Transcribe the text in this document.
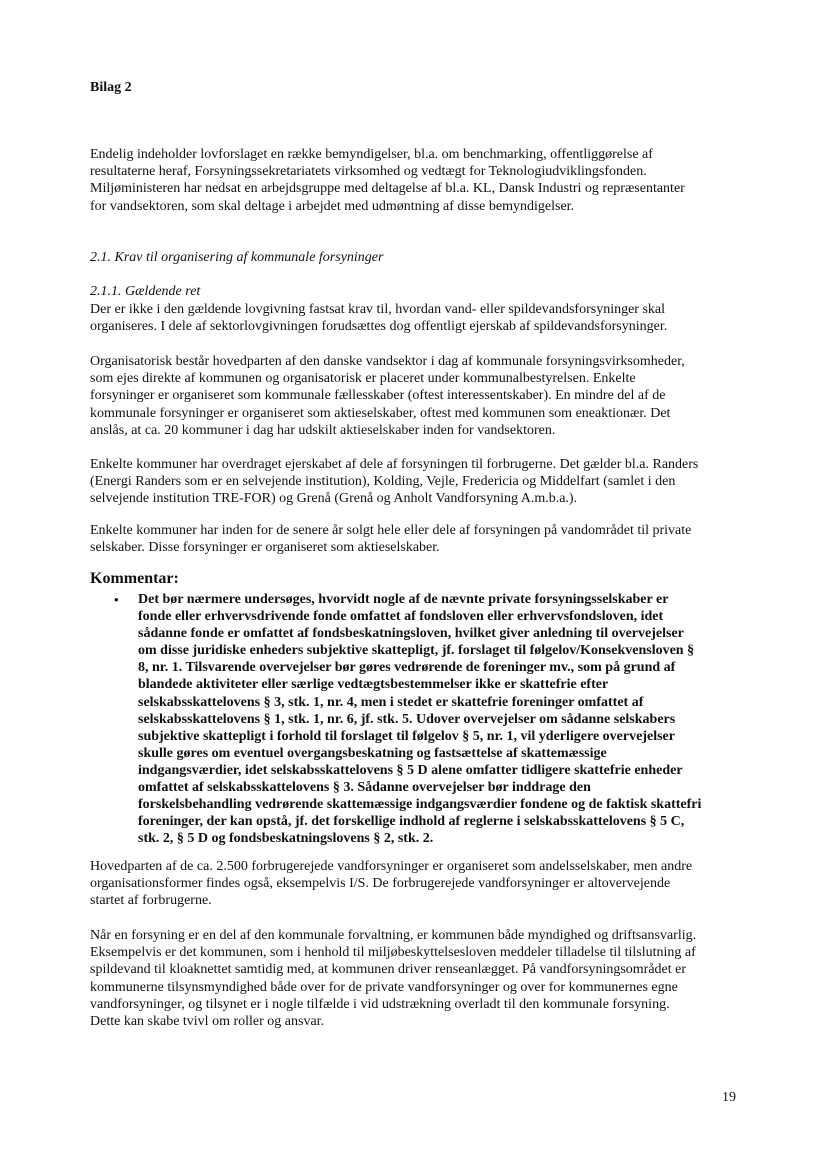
Bilag 2

Endelig indeholder lovforslaget en række bemyndigelser, bl.a. om benchmarking, offentliggørelse af
resultaterne heraf, Forsyningssekretariatets virksomhed og vedtægt for Teknologiudviklingsfonden.
Miljøministeren har nedsat en arbejdsgruppe med deltagelse af bl.a. KL, Dansk Industri og repræsentanter
for vandsektoren, som skal deltage i arbejdet med udmøntning af disse bemyndigelser.

2.1. Krav til organisering af kommunale forsyninger

2.1.1. Gældende ret

Der er ikke i den gældende lovgivning fastsat krav til, hvordan vand- eller spildevandsforsyninger skal
organiseres. I dele af sektorlovgivningen forudsættes dog offentligt ejerskab af spildevandsforsyninger.
Organisatorisk består hovedparten af den danske vandsektor i dag af kommunale forsyningsvirksomheder,
som ejes direkte af kommunen og organisatorisk er placeret under kommunalbestyrelsen. Enkelte
forsyninger er organiseret som kommunale fællesskaber (oftest interessentskaber). En mindre del af de
kommunale forsyninger er organiseret som aktieselskaber, oftest med kommunen som eneaktionær. Det
anslås, at ca. 20 kommuner i dag har udskilt aktieselskaber inden for vandsektoren.
Enkelte kommuner har overdraget ejerskabet af dele af forsyningen til forbrugerne. Det gælder bl.a. Randers
(Energi Randers som er en selvejende institution), Kolding, Vejle, Fredericia og Middelfart (samlet i den
selvejende institution TRE-FOR) og Grenå (Grenå og Anholt Vandforsyning A.m.b.a.).
Enkelte kommuner har inden for de senere år solgt hele eller dele af forsyningen på vandområdet til private
selskaber. Disse forsyninger er organiseret som aktieselskaber.

Kommentar:

• Det bør nærmere undersøges, hvorvidt nogle af de nævnte private forsyningsselskaber er
fonde eller erhvervsdrivende fonde omfattet af fondsloven eller erhvervsfondsloven, idet
sådanne fonde er omfattet af fondsbeskatningsloven, hvilket giver anledning til overvejelser
om disse juridiske enheders subjektive skattepligt, jf. forslaget til følgelov/Konsekvensloven §
8, nr. 1. Tilsvarende overvejelser bør gøres vedrørende de foreninger mv., som på grund af
blandede aktiviteter eller særlige vedtægtsbestemmelser ikke er skattefrie efter
selskabsskattelovens § 3, stk. 1, nr. 4, men i stedet er skattefrie foreninger omfattet af
selskabsskattelovens § 1, stk. 1, nr. 6, jf. stk. 5. Udover overvejelser om sådanne selskabers
subjektive skattepligt i forhold til forslaget til følgelov § 5, nr. 1, vil yderligere overvejelser
skulle gøres om eventuel overgangsbeskatning og fastsættelse af skattemæssige
indgangsværdier, idet selskabsskattelovens § 5 D alene omfatter tidligere skattefrie enheder
omfattet af selskabsskattelovens § 3. Sådanne overvejelser bør inddrage den
forskelsbehandling vedrørende skattemæssige indgangsværdier fondene og de faktisk skattefri
foreninger, der kan opstå, jf. det forskellige indhold af reglerne i selskabsskattelovens § 5 C,
stk. 2, § 5 D og fondsbeskatningslovens § 2, stk. 2.
Hovedparten af de ca. 2.500 forbrugerejede vandforsyninger er organiseret som andelsselskaber, men andre
organisationsformer findes også, eksempelvis I/S. De forbrugerejede vandforsyninger er altovervejende
startet af forbrugerne.
Når en forsyning er en del af den kommunale forvaltning, er kommunen både myndighed og driftsansvarlig.
Eksempelvis er det kommunen, som i henhold til miljøbeskyttelsesloven meddeler tilladelse til tilslutning af
spildevand til kloaknettet samtidig med, at kommunen driver renseanlægget. På vandforsyningsområdet er
kommunerne tilsynsmyndighed både over for de private vandforsyninger og over for kommunernes egne
vandforsyninger, og tilsynet er i nogle tilfælde i vid udstrækning overladt til den kommunale forsyning.
Dette kan skabe tvivl om roller og ansvar.
19
